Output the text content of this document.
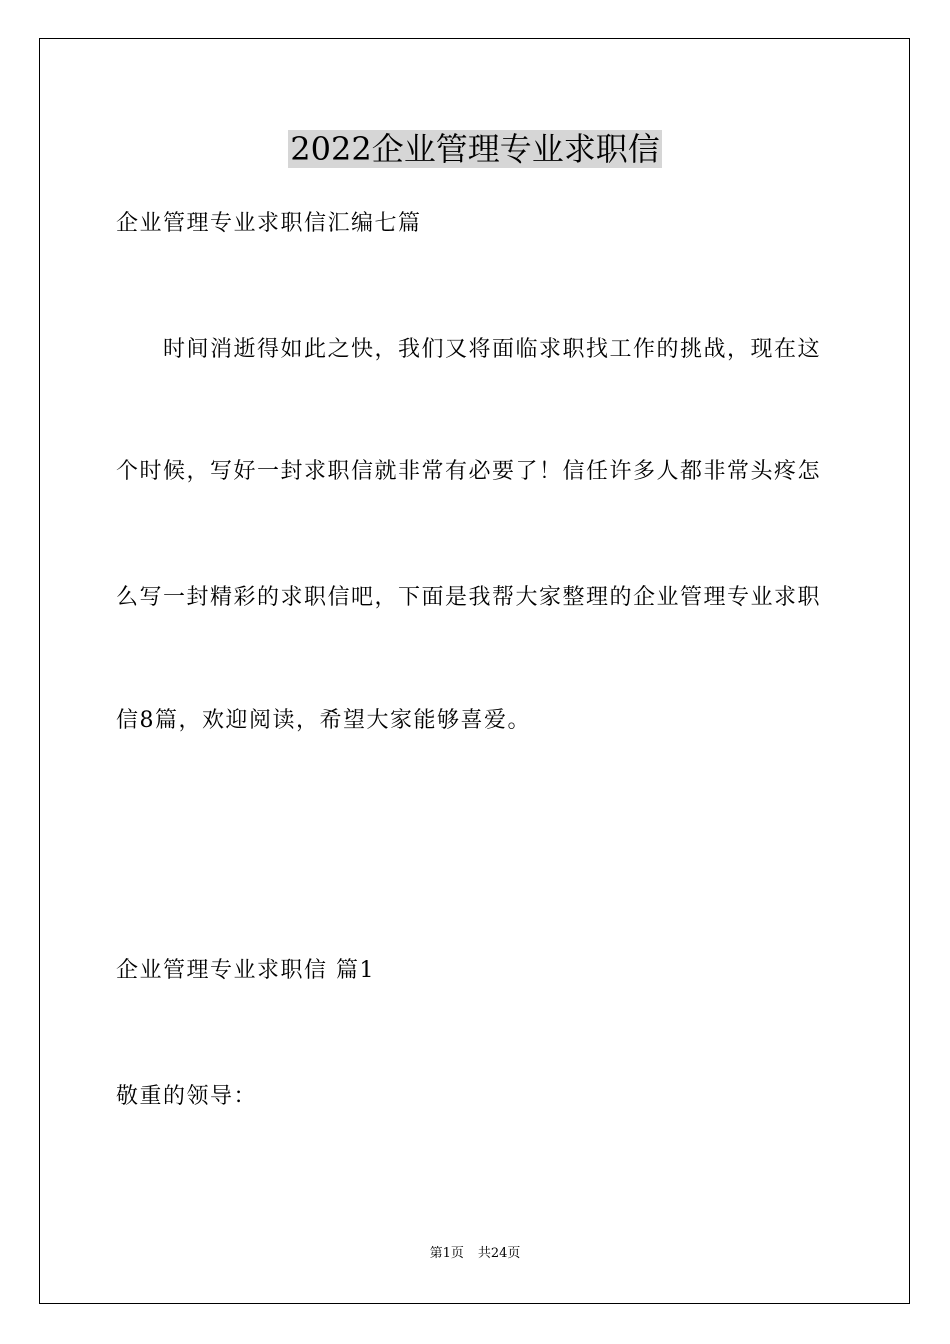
2022企业管理专业求职信

企业管理专业求职信汇编七篇

时间消逝得如此之快，我们又将面临求职找工作的挑战，现在这

个时候，写好一封求职信就非常有必要了！信任许多人都非常头疼怎

么写一封精彩的求职信吧，下面是我帮大家整理的企业管理专业求职

信8篇，欢迎阅读，希望大家能够喜爱。

企业管理专业求职信 篇1

敬重的领导：

第1页 共24页
